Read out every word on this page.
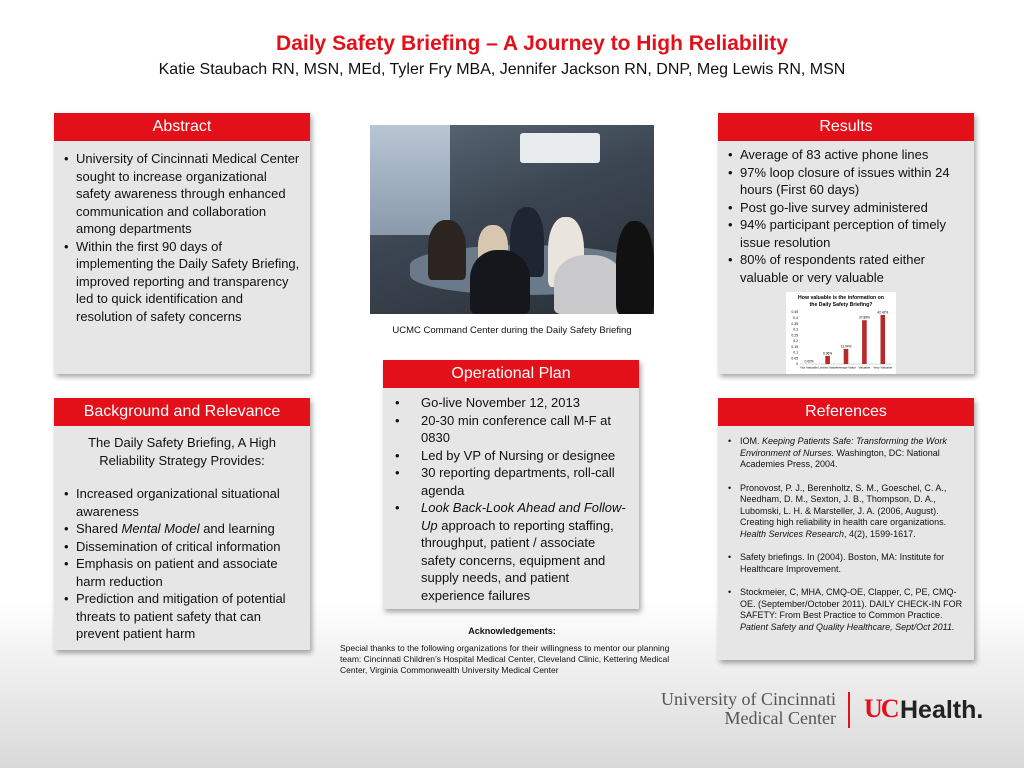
Daily Safety Briefing – A Journey to High Reliability
Katie Staubach RN, MSN, MEd, Tyler Fry MBA, Jennifer Jackson RN, DNP, Meg Lewis RN, MSN
Abstract
• University of Cincinnati Medical Center sought to increase organizational safety awareness through enhanced communication and collaboration among departments
• Within the first 90 days of implementing the Daily Safety Briefing, improved reporting and transparency led to quick identification and resolution of safety concerns
Background and Relevance
The Daily Safety Briefing, A High Reliability Strategy Provides:
• Increased organizational situational awareness
• Shared Mental Model and learning
• Dissemination of critical information
• Emphasis on patient and associate harm reduction
• Prediction and mitigation of potential threats to patient safety that can prevent patient harm
UCMC Command Center during the Daily Safety Briefing
Operational Plan
• Go-live November 12, 2013
• 20-30 min conference call M-F at 0830
• Led by VP of Nursing or designee
• 30 reporting departments, roll-call agenda
• Look Back-Look Ahead and Follow-Up approach to reporting staffing, throughput, patient / associate safety concerns, equipment and supply needs, and patient experience failures
Acknowledgements:
Special thanks to the following organizations for their willingness to mentor our planning team: Cincinnati Children’s Hospital Medical Center, Cleveland Clinic, Kettering Medical Center, Virginia Commonwealth University Medical Center
Results
• Average of 83 active phone lines
• 97% loop closure of issues within 24 hours (First 60 days)
• Post go-live survey administered
• 94% participant perception of timely issue resolution
• 80% of respondents rated either valuable or very valuable
How valuable is the information on
the Daily Safety Briefing?
0.45
0.4
0.35
0.3
0.25
0.2
0.15
0.1
0.05
0
0.00%
Not Valuable
6.96%
Limited Value
13.04%
Average Value
37.88%
Valuable
42.42%
Very Valuable
References
• IOM. Keeping Patients Safe: Transforming the Work Environment of Nurses. Washington, DC: National Academies Press, 2004.
• Pronovost, P. J., Berenholtz, S. M., Goeschel, C. A., Needham, D. M., Sexton, J. B., Thompson, D. A., Lubomski, L. H. & Marsteller, J. A. (2006, August). Creating high reliability in health care organizations. Health Services Research, 4(2), 1599-1617.
• Safety briefings. In (2004). Boston, MA: Institute for Healthcare Improvement.
• Stockmeier, C, MHA, CMQ-OE, Clapper, C, PE, CMQ-OE. (September/October 2011). DAILY CHECK-IN FOR SAFETY: From Best Practice to Common Practice. Patient Safety and Quality Healthcare, Sept/Oct 2011.
University of Cincinnati
Medical Center UC Health.
